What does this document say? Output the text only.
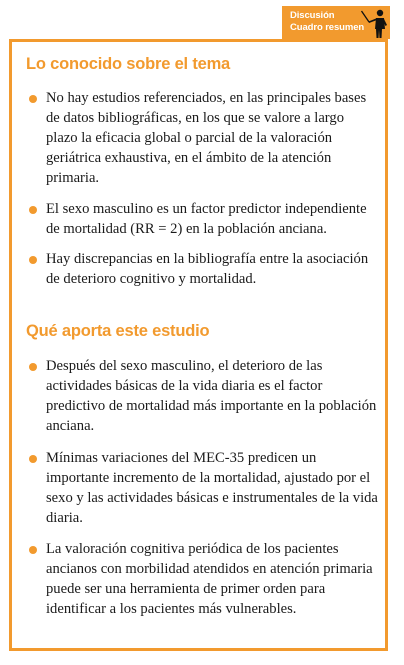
Discusión
Cuadro resumen
Lo conocido sobre el tema
No hay estudios referenciados, en las principales bases de datos bibliográficas, en los que se valore a largo plazo la eficacia global o parcial de la valoración geriátrica exhaustiva, en el ámbito de la atención primaria.
El sexo masculino es un factor predictor independiente de mortalidad (RR = 2) en la población anciana.
Hay discrepancias en la bibliografía entre la asociación de deterioro cognitivo y mortalidad.
Qué aporta este estudio
Después del sexo masculino, el deterioro de las actividades básicas de la vida diaria es el factor predictivo de mortalidad más importante en la población anciana.
Mínimas variaciones del MEC-35 predicen un importante incremento de la mortalidad, ajustado por el sexo y las actividades básicas e instrumentales de la vida diaria.
La valoración cognitiva periódica de los pacientes ancianos con morbilidad atendidos en atención primaria puede ser una herramienta de primer orden para identificar a los pacientes más vulnerables.
